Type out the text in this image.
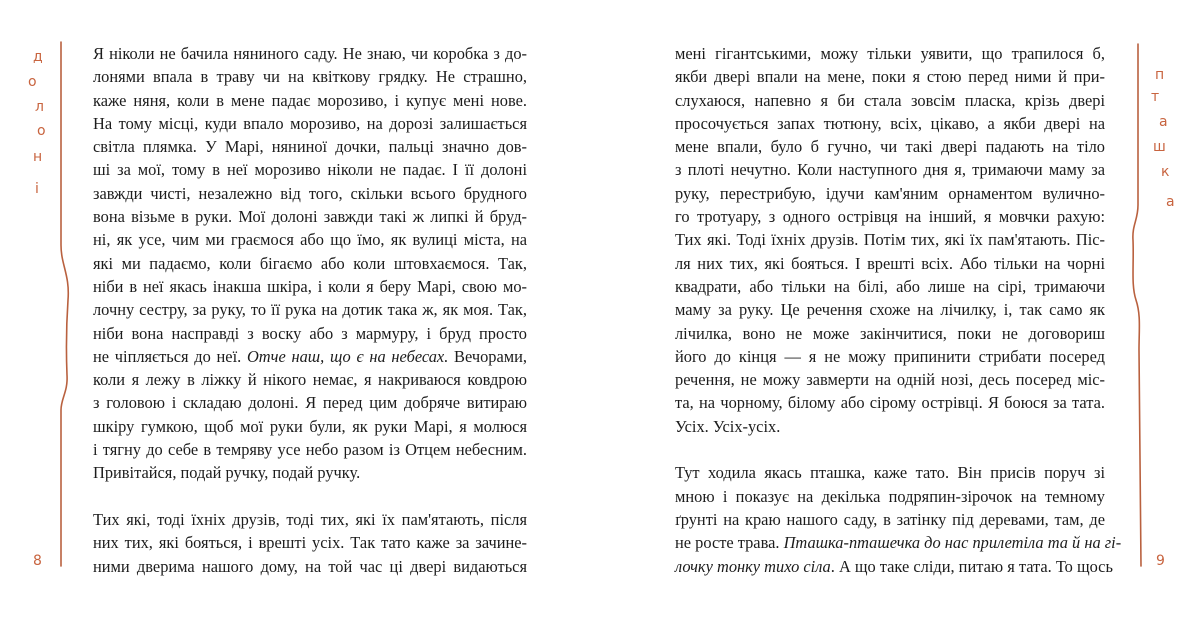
д
о
л
о
н
і
8
Я ніколи не бачила няниного саду. Не знаю, чи коробка з до-
лонями впала в траву чи на квіткову грядку. Не страшно,
каже няня, коли в мене падає морозиво, і купує мені нове.
На тому місці, куди впало морозиво, на дорозі залишається
світла плямка. У Марі, няниної дочки, пальці значно дов-
ші за мої, тому в неї морозиво ніколи не падає. І її долоні
завжди чисті, незалежно від того, скільки всього брудного
вона візьме в руки. Мої долоні завжди такі ж липкі й бруд-
ні, як усе, чим ми граємося або що їмо, як вулиці міста, на
які ми падаємо, коли бігаємо або коли штовхаємося. Так,
ніби в неї якась інакша шкіра, і коли я беру Марі, свою мо-
лочну сестру, за руку, то її рука на дотик така ж, як моя. Так,
ніби вона насправді з воску або з мармуру, і бруд просто
не чіпляється до неї. Отче наш, що є на небесах. Вечорами,
коли я лежу в ліжку й нікого немає, я накриваюся ковдрою
з головою і складаю долоні. Я перед цим добряче витираю
шкіру гумкою, щоб мої руки були, як руки Марі, я молюся
і тягну до себе в темряву усе небо разом із Отцем небесним.
Привітайся, подай ручку, подай ручку.
Тих які, тоді їхніх друзів, тоді тих, які їх пам'ятають, після
них тих, які бояться, і врешті усіх. Так тато каже за зачине-
ними дверима нашого дому, на той час ці двері видаються
п
т
а
ш
к
а
9
мені гігантськими, можу тільки уявити, що трапилося б,
якби двері впали на мене, поки я стою перед ними й при-
слухаюся, напевно я би стала зовсім пласка, крізь двері
просочується запах тютюну, всіх, цікаво, а якби двері на
мене впали, було б гучно, чи такі двері падають на тіло
з плоті нечутно. Коли наступного дня я, тримаючи маму за
руку, перестрибую, ідучи кам'яним орнаментом вулично-
го тротуару, з одного острівця на інший, я мовчки рахую:
Тих які. Тоді їхніх друзів. Потім тих, які їх пам'ятають. Піс-
ля них тих, які бояться. І врешті всіх. Або тільки на чорні
квадрати, або тільки на білі, або лише на сірі, тримаючи
маму за руку. Це речення схоже на лічилку, і, так само як
лічилка, воно не може закінчитися, поки не договориш
його до кінця — я не можу припинити стрибати посеред
речення, не можу завмерти на одній нозі, десь посеред міс-
та, на чорному, білому або сірому острівці. Я боюся за тата.
Усіх. Усіх-усіх.
Тут ходила якась пташка, каже тато. Він присів поруч зі
мною і показує на декілька подряпин-зірочок на темному
ґрунті на краю нашого саду, в затінку під деревами, там, де
не росте трава. Пташка-пташечка до нас прилетіла та й на гі-
лочку тонку тихо сіла. А що таке сліди, питаю я тата. То щось
